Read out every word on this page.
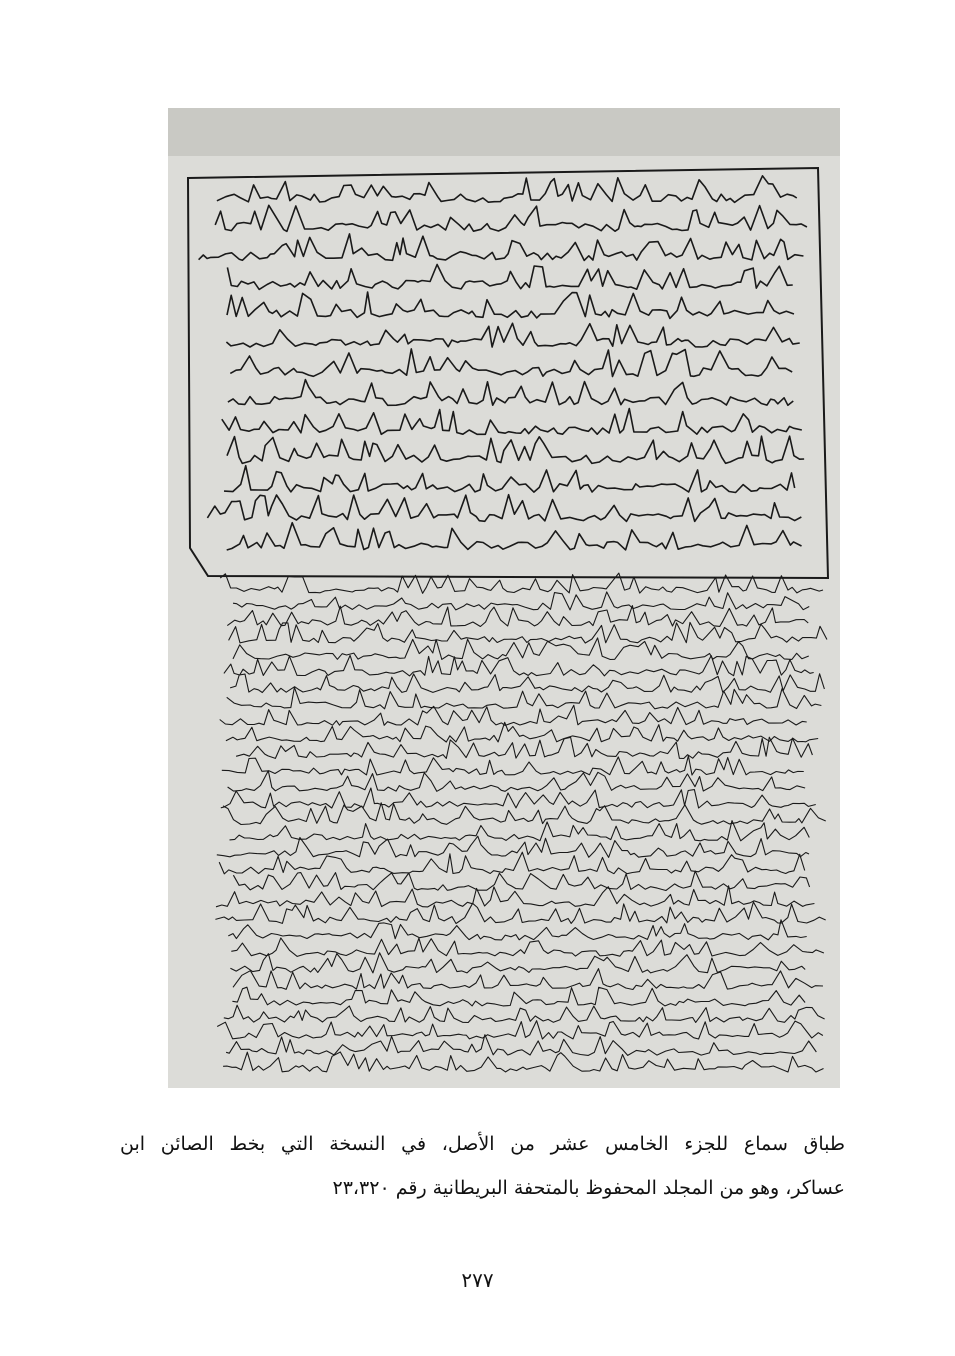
طباق سماع للجزء الخامس عشر من الأصل، في النسخة التي بخط الصائن ابن
عساكر، وهو من المجلد المحفوظ بالمتحفة البريطانية رقم ٢٣،٣٢٠
٢٧٧
